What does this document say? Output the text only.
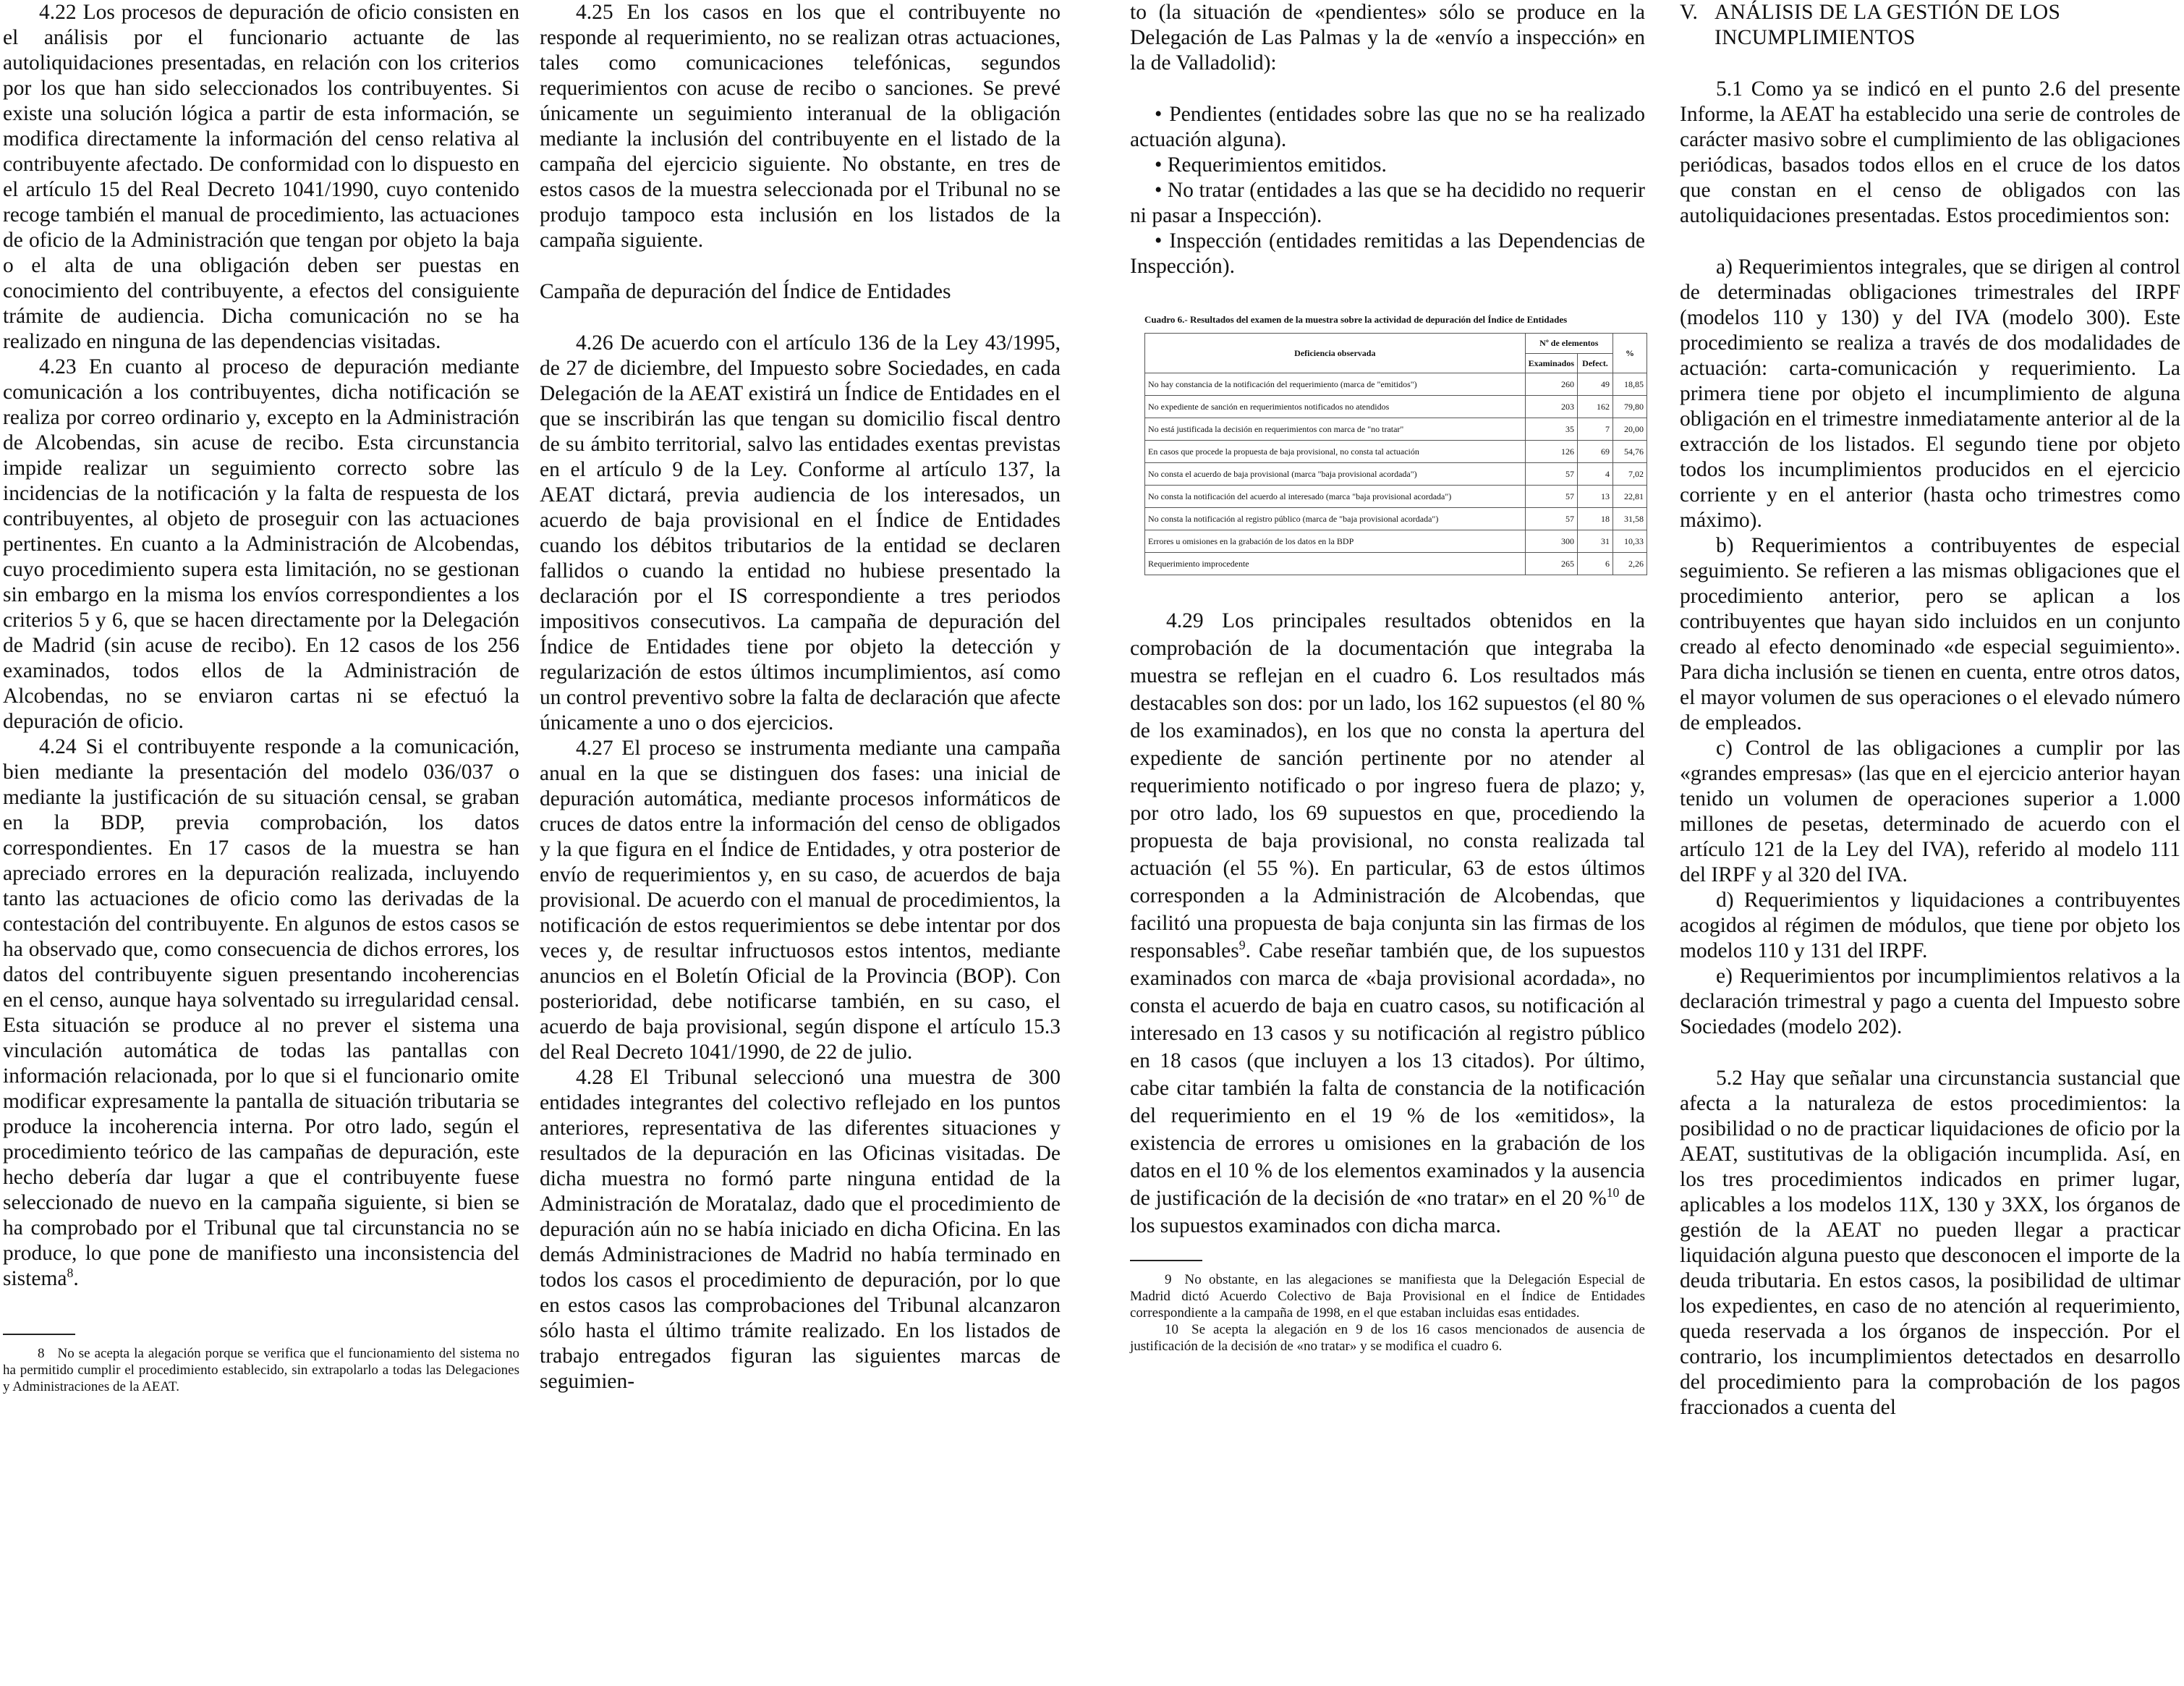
4.22 Los procesos de depuración de oficio consisten en el análisis por el funcionario actuante de las autoliquidaciones presentadas, en relación con los criterios por los que han sido seleccionados los contribuyentes. Si existe una solución lógica a partir de esta información, se modifica directamente la información del censo relativa al contribuyente afectado. De conformidad con lo dispuesto en el artículo 15 del Real Decreto 1041/1990, cuyo contenido recoge también el manual de procedimiento, las actuaciones de oficio de la Administración que tengan por objeto la baja o el alta de una obligación deben ser puestas en conocimiento del contribuyente, a efectos del consiguiente trámite de audiencia. Dicha comunicación no se ha realizado en ninguna de las dependencias visitadas.

4.23 En cuanto al proceso de depuración mediante comunicación a los contribuyentes, dicha notificación se realiza por correo ordinario y, excepto en la Administración de Alcobendas, sin acuse de recibo. Esta circunstancia impide realizar un seguimiento correcto sobre las incidencias de la notificación y la falta de respuesta de los contribuyentes, al objeto de proseguir con las actuaciones pertinentes. En cuanto a la Administración de Alcobendas, cuyo procedimiento supera esta limitación, no se gestionan sin embargo en la misma los envíos correspondientes a los criterios 5 y 6, que se hacen directamente por la Delegación de Madrid (sin acuse de recibo). En 12 casos de los 256 examinados, todos ellos de la Administración de Alcobendas, no se enviaron cartas ni se efectuó la depuración de oficio.

4.24 Si el contribuyente responde a la comunicación, bien mediante la presentación del modelo 036/037 o mediante la justificación de su situación censal, se graban en la BDP, previa comprobación, los datos correspondientes. En 17 casos de la muestra se han apreciado errores en la depuración realizada, incluyendo tanto las actuaciones de oficio como las derivadas de la contestación del contribuyente. En algunos de estos casos se ha observado que, como consecuencia de dichos errores, los datos del contribuyente siguen presentando incoherencias en el censo, aunque haya solventado su irregularidad censal. Esta situación se produce al no prever el sistema una vinculación automática de todas las pantallas con información relacionada, por lo que si el funcionario omite modificar expresamente la pantalla de situación tributaria se produce la incoherencia interna. Por otro lado, según el procedimiento teórico de las campañas de depuración, este hecho debería dar lugar a que el contribuyente fuese seleccionado de nuevo en la campaña siguiente, si bien se ha comprobado por el Tribunal que tal circunstancia no se produce, lo que pone de manifiesto una inconsistencia del sistema$^8$.

8 No se acepta la alegación porque se verifica que el funcionamiento del sistema no ha permitido cumplir el procedimiento establecido, sin extrapolarlo a todas las Delegaciones y Administraciones de la AEAT.

4.25 En los casos en los que el contribuyente no responde al requerimiento, no se realizan otras actuaciones, tales como comunicaciones telefónicas, segundos requerimientos con acuse de recibo o sanciones. Se prevé únicamente un seguimiento interanual de la obligación mediante la inclusión del contribuyente en el listado de la campaña del ejercicio siguiente. No obstante, en tres de estos casos de la muestra seleccionada por el Tribunal no se produjo tampoco esta inclusión en los listados de la campaña siguiente.

Campaña de depuración del Índice de Entidades

4.26 De acuerdo con el artículo 136 de la Ley 43/1995, de 27 de diciembre, del Impuesto sobre Sociedades, en cada Delegación de la AEAT existirá un Índice de Entidades en el que se inscribirán las que tengan su domicilio fiscal dentro de su ámbito territorial, salvo las entidades exentas previstas en el artículo 9 de la Ley. Conforme al artículo 137, la AEAT dictará, previa audiencia de los interesados, un acuerdo de baja provisional en el Índice de Entidades cuando los débitos tributarios de la entidad se declaren fallidos o cuando la entidad no hubiese presentado la declaración por el IS correspondiente a tres periodos impositivos consecutivos. La campaña de depuración del Índice de Entidades tiene por objeto la detección y regularización de estos últimos incumplimientos, así como un control preventivo sobre la falta de declaración que afecte únicamente a uno o dos ejercicios.

4.27 El proceso se instrumenta mediante una campaña anual en la que se distinguen dos fases: una inicial de depuración automática, mediante procesos informáticos de cruces de datos entre la información del censo de obligados y la que figura en el Índice de Entidades, y otra posterior de envío de requerimientos y, en su caso, de acuerdos de baja provisional. De acuerdo con el manual de procedimientos, la notificación de estos requerimientos se debe intentar por dos veces y, de resultar infructuosos estos intentos, mediante anuncios en el Boletín Oficial de la Provincia (BOP). Con posterioridad, debe notificarse también, en su caso, el acuerdo de baja provisional, según dispone el artículo 15.3 del Real Decreto 1041/1990, de 22 de julio.

4.28 El Tribunal seleccionó una muestra de 300 entidades integrantes del colectivo reflejado en los puntos anteriores, representativa de las diferentes situaciones y resultados de la depuración en las Oficinas visitadas. De dicha muestra no formó parte ninguna entidad de la Administración de Moratalaz, dado que el procedimiento de depuración aún no se había iniciado en dicha Oficina. En las demás Administraciones de Madrid no había terminado en todos los casos el procedimiento de depuración, por lo que en estos casos las comprobaciones del Tribunal alcanzaron sólo hasta el último trámite realizado. En los listados de trabajo entregados figuran las siguientes marcas de seguimien-

to (la situación de «pendientes» sólo se produce en la Delegación de Las Palmas y la de «envío a inspección» en la de Valladolid):

• Pendientes (entidades sobre las que no se ha realizado actuación alguna).

• Requerimientos emitidos.

• No tratar (entidades a las que se ha decidido no requerir ni pasar a Inspección).

• Inspección (entidades remitidas a las Dependencias de Inspección).

Cuadro 6.- Resultados del examen de la muestra sobre la actividad de depuración del Índice de Entidades
Deficiencia observada	Nº de elementos		%
	Examinados	Defect.	
No hay constancia de la notificación del requerimiento (marca de "emitidos")	260	49	18,85
No expediente de sanción en requerimientos notificados no atendidos	203	162	79,80
No está justificada la decisión en requerimientos con marca de "no tratar"	35	7	20,00
En casos que procede la propuesta de baja provisional, no consta tal actuación	126	69	54,76
No consta el acuerdo de baja provisional (marca "baja provisional acordada")	57	4	7,02
No consta la notificación del acuerdo al interesado (marca "baja provisional acordada")	57	13	22,81
No consta la notificación al registro público (marca de "baja provisional acordada")	57	18	31,58
Errores u omisiones en la grabación de los datos en la BDP	300	31	10,33
Requerimiento improcedente	265	6	2,26

4.29 Los principales resultados obtenidos en la comprobación de la documentación que integraba la muestra se reflejan en el cuadro 6. Los resultados más destacables son dos: por un lado, los 162 supuestos (el 80 % de los examinados), en los que no consta la apertura del expediente de sanción pertinente por no atender al requerimiento notificado o por ingreso fuera de plazo; y, por otro lado, los 69 supuestos en que, procediendo la propuesta de baja provisional, no consta realizada tal actuación (el 55 %). En particular, 63 de estos últimos corresponden a la Administración de Alcobendas, que facilitó una propuesta de baja conjunta sin las firmas de los responsables$^9$. Cabe reseñar también que, de los supuestos examinados con marca de «baja provisional acordada», no consta el acuerdo de baja en cuatro casos, su notificación al interesado en 13 casos y su notificación al registro público en 18 casos (que incluyen a los 13 citados). Por último, cabe citar también la falta de constancia de la notificación del requerimiento en el 19 % de los «emitidos», la existencia de errores u omisiones en la grabación de los datos en el 10 % de los elementos examinados y la ausencia de justificación de la decisión de «no tratar» en el 20 %$^{10}$ de los supuestos examinados con dicha marca.

9 No obstante, en las alegaciones se manifiesta que la Delegación Especial de Madrid dictó Acuerdo Colectivo de Baja Provisional en el Índice de Entidades correspondiente a la campaña de 1998, en el que estaban incluidas esas entidades.

10 Se acepta la alegación en 9 de los 16 casos mencionados de ausencia de justificación de la decisión de «no tratar» y se modifica el cuadro 6.

V. ANÁLISIS DE LA GESTIÓN DE LOS INCUMPLIMIENTOS

5.1 Como ya se indicó en el punto 2.6 del presente Informe, la AEAT ha establecido una serie de controles de carácter masivo sobre el cumplimiento de las obligaciones periódicas, basados todos ellos en el cruce de los datos que constan en el censo de obligados con las autoliquidaciones presentadas. Estos procedimientos son:

a) Requerimientos integrales, que se dirigen al control de determinadas obligaciones trimestrales del IRPF (modelos 110 y 130) y del IVA (modelo 300). Este procedimiento se realiza a través de dos modalidades de actuación: carta-comunicación y requerimiento. La primera tiene por objeto el incumplimiento de alguna obligación en el trimestre inmediatamente anterior al de la extracción de los listados. El segundo tiene por objeto todos los incumplimientos producidos en el ejercicio corriente y en el anterior (hasta ocho trimestres como máximo).

b) Requerimientos a contribuyentes de especial seguimiento. Se refieren a las mismas obligaciones que el procedimiento anterior, pero se aplican a los contribuyentes que hayan sido incluidos en un conjunto creado al efecto denominado «de especial seguimiento». Para dicha inclusión se tienen en cuenta, entre otros datos, el mayor volumen de sus operaciones o el elevado número de empleados.

c) Control de las obligaciones a cumplir por las «grandes empresas» (las que en el ejercicio anterior hayan tenido un volumen de operaciones superior a 1.000 millones de pesetas, determinado de acuerdo con el artículo 121 de la Ley del IVA), referido al modelo 111 del IRPF y al 320 del IVA.

d) Requerimientos y liquidaciones a contribuyentes acogidos al régimen de módulos, que tiene por objeto los modelos 110 y 131 del IRPF.

e) Requerimientos por incumplimientos relativos a la declaración trimestral y pago a cuenta del Impuesto sobre Sociedades (modelo 202).

5.2 Hay que señalar una circunstancia sustancial que afecta a la naturaleza de estos procedimientos: la posibilidad o no de practicar liquidaciones de oficio por la AEAT, sustitutivas de la obligación incumplida. Así, en los tres procedimientos indicados en primer lugar, aplicables a los modelos 11X, 130 y 3XX, los órganos de gestión de la AEAT no pueden llegar a practicar liquidación alguna puesto que desconocen el importe de la deuda tributaria. En estos casos, la posibilidad de ultimar los expedientes, en caso de no atención al requerimiento, queda reservada a los órganos de inspección. Por el contrario, los incumplimientos detectados en desarrollo del procedimiento para la comprobación de los pagos fraccionados a cuenta del
